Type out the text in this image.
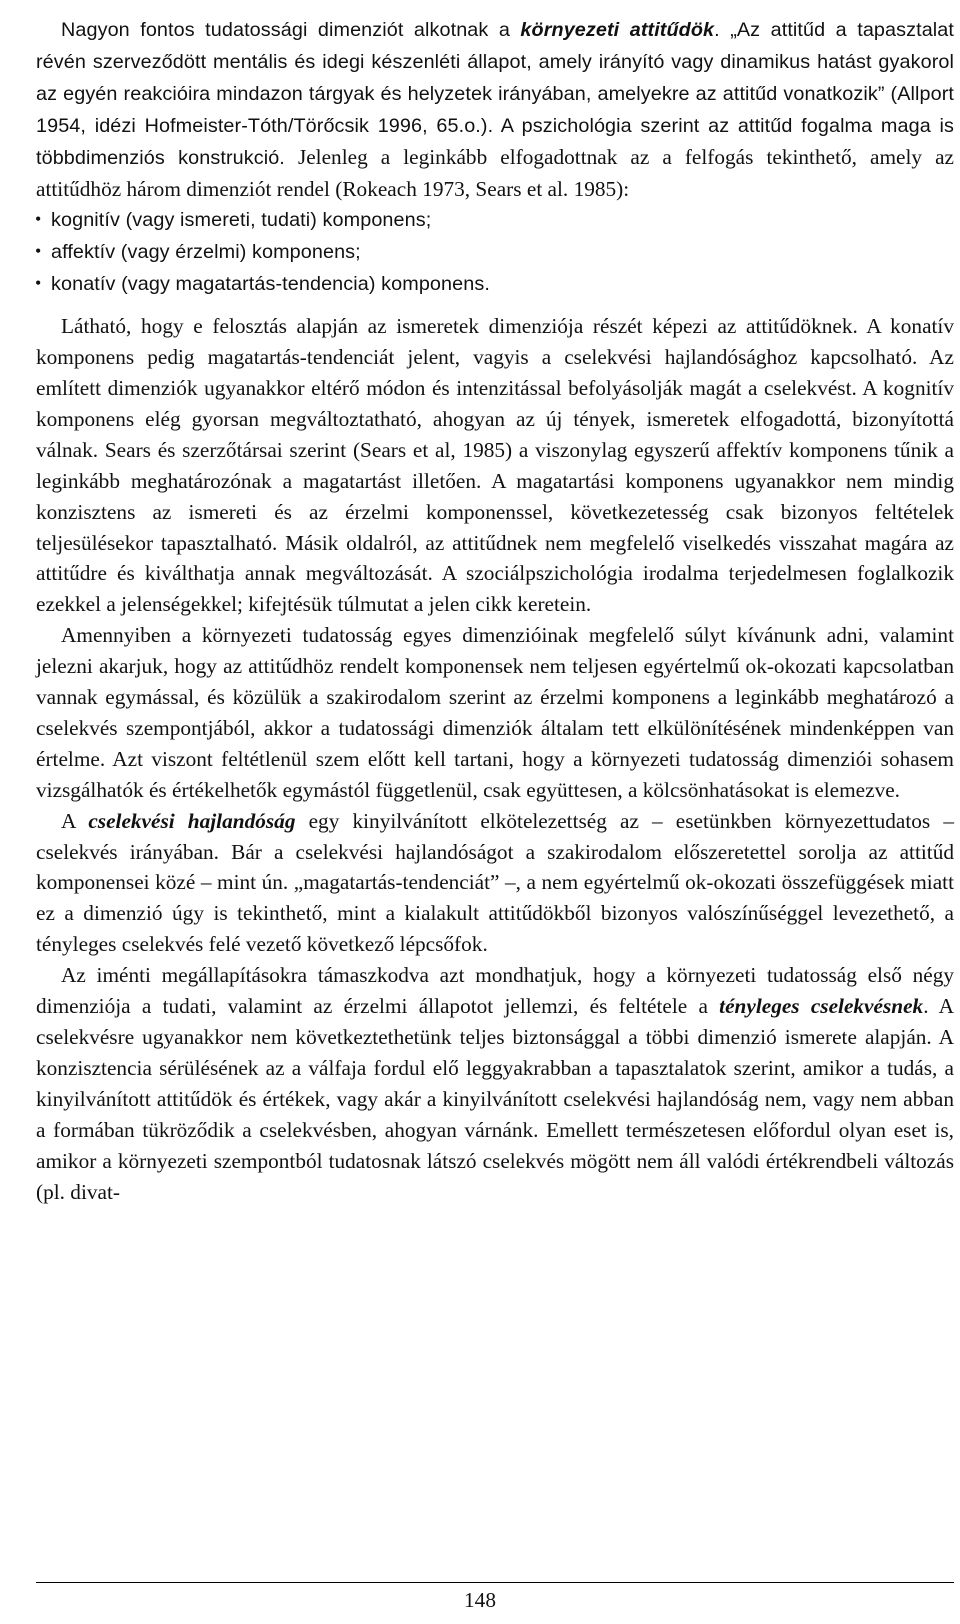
Nagyon fontos tudatossági dimenziót alkotnak a környezeti attitűdök. „Az attitűd a tapasztalat révén szerveződött mentális és idegi készenléti állapot, amely irányító vagy dinamikus hatást gyakorol az egyén reakcióira mindazon tárgyak és helyzetek irányában, amelyekre az attitűd vonatkozik” (Allport 1954, idézi Hofmeister-Tóth/Törőcsik 1996, 65.o.). A pszichológia szerint az attitűd fogalma maga is többdimenziós konstrukció. Jelenleg a leginkább elfogadottnak az a felfogás tekinthető, amely az attitűdhöz három dimenziót rendel (Rokeach 1973, Sears et al. 1985):

• kognitív (vagy ismereti, tudati) komponens;
• affektív (vagy érzelmi) komponens;
• konatív (vagy magatartás-tendencia) komponens.

Látható, hogy e felosztás alapján az ismeretek dimenziója részét képezi az attitűdöknek. A konatív komponens pedig magatartás-tendenciát jelent, vagyis a cselekvési hajlandósághoz kapcsolható. Az említett dimenziók ugyanakkor eltérő módon és intenzitással befolyásolják magát a cselekvést. A kognitív komponens elég gyorsan megváltoztatható, ahogyan az új tények, ismeretek elfogadottá, bizonyítottá válnak. Sears és szerzőtársai szerint (Sears et al, 1985) a viszonylag egyszerű affektív komponens tűnik a leginkább meghatározónak a magatartást illetően. A magatartási komponens ugyanakkor nem mindig konzisztens az ismereti és az érzelmi komponenssel, következetesség csak bizonyos feltételek teljesülésekor tapasztalható. Másik oldalról, az attitűdnek nem megfelelő viselkedés visszahat magára az attitűdre és kiválthatja annak megváltozását. A szociálpszichológia irodalma terjedelmesen foglalkozik ezekkel a jelenségekkel; kifejtésük túlmutat a jelen cikk keretein.

Amennyiben a környezeti tudatosság egyes dimenzióinak megfelelő súlyt kívánunk adni, valamint jelezni akarjuk, hogy az attitűdhöz rendelt komponensek nem teljesen egyértelmű ok-okozati kapcsolatban vannak egymással, és közülük a szakirodalom szerint az érzelmi komponens a leginkább meghatározó a cselekvés szempontjából, akkor a tudatossági dimenziók általam tett elkülönítésének mindenképpen van értelme. Azt viszont feltétlenül szem előtt kell tartani, hogy a környezeti tudatosság dimenziói sohasem vizsgálhatók és értékelhetők egymástól függetlenül, csak együttesen, a kölcsönhatásokat is elemezve.

A cselekvési hajlandóság egy kinyilvánított elkötelezettség az – esetünkben környezettudatos – cselekvés irányában. Bár a cselekvési hajlandóságot a szakirodalom előszeretettel sorolja az attitűd komponensei közé – mint ún. „magatartás-tendenciát” –, a nem egyértelmű ok-okozati összefüggések miatt ez a dimenzió úgy is tekinthető, mint a kialakult attitűdökből bizonyos valószínűséggel levezethető, a tényleges cselekvés felé vezető következő lépcsőfok.

Az iménti megállapításokra támaszkodva azt mondhatjuk, hogy a környezeti tudatosság első négy dimenziója a tudati, valamint az érzelmi állapotot jellemzi, és feltétele a tényleges cselekvésnek. A cselekvésre ugyanakkor nem következtethetünk teljes biztonsággal a többi dimenzió ismerete alapján. A konzisztencia sérülésének az a válfaja fordul elő leggyakrabban a tapasztalatok szerint, amikor a tudás, a kinyilvánított attitűdök és értékek, vagy akár a kinyilvánított cselekvési hajlandóság nem, vagy nem abban a formában tükröződik a cselekvésben, ahogyan várnánk. Emellett természetesen előfordul olyan eset is, amikor a környezeti szempontból tudatosnak látszó cselekvés mögött nem áll valódi értékrendbeli változás (pl. divat-

148
